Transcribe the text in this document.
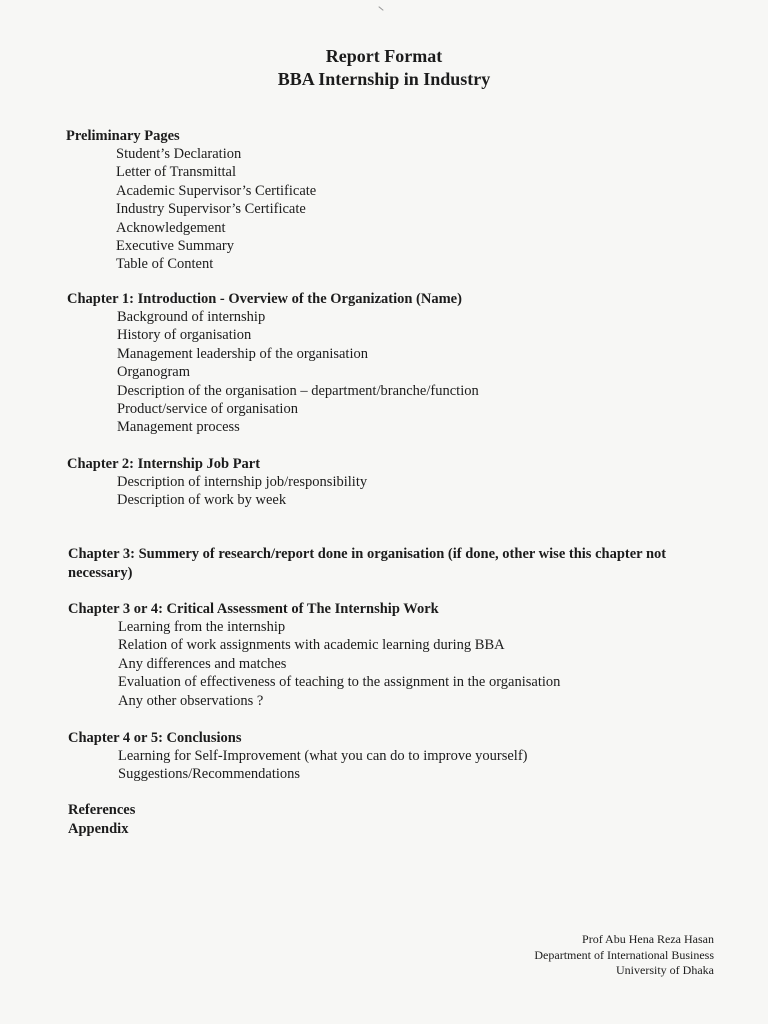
Report Format
BBA Internship in Industry
Preliminary Pages
Student’s Declaration
Letter of Transmittal
Academic Supervisor’s Certificate
Industry Supervisor’s Certificate
Acknowledgement
Executive Summary
Table of Content
Chapter 1: Introduction - Overview of the Organization (Name)
Background of internship
History of organisation
Management leadership of the organisation
Organogram
Description of the organisation – department/branche/function
Product/service of organisation
Management process
Chapter 2: Internship Job Part
Description of internship job/responsibility
Description of work by week
Chapter 3: Summery of research/report done in organisation (if done, other wise this chapter not necessary)
Chapter 3 or 4: Critical Assessment of The Internship Work
Learning from the internship
Relation of work assignments with academic learning during BBA
Any differences and matches
Evaluation of effectiveness of teaching to the assignment in the organisation
Any other observations ?
Chapter 4 or 5: Conclusions
Learning for Self-Improvement (what you can do to improve yourself)
Suggestions/Recommendations
References
Appendix
Prof Abu Hena Reza Hasan
Department of International Business
University of Dhaka
